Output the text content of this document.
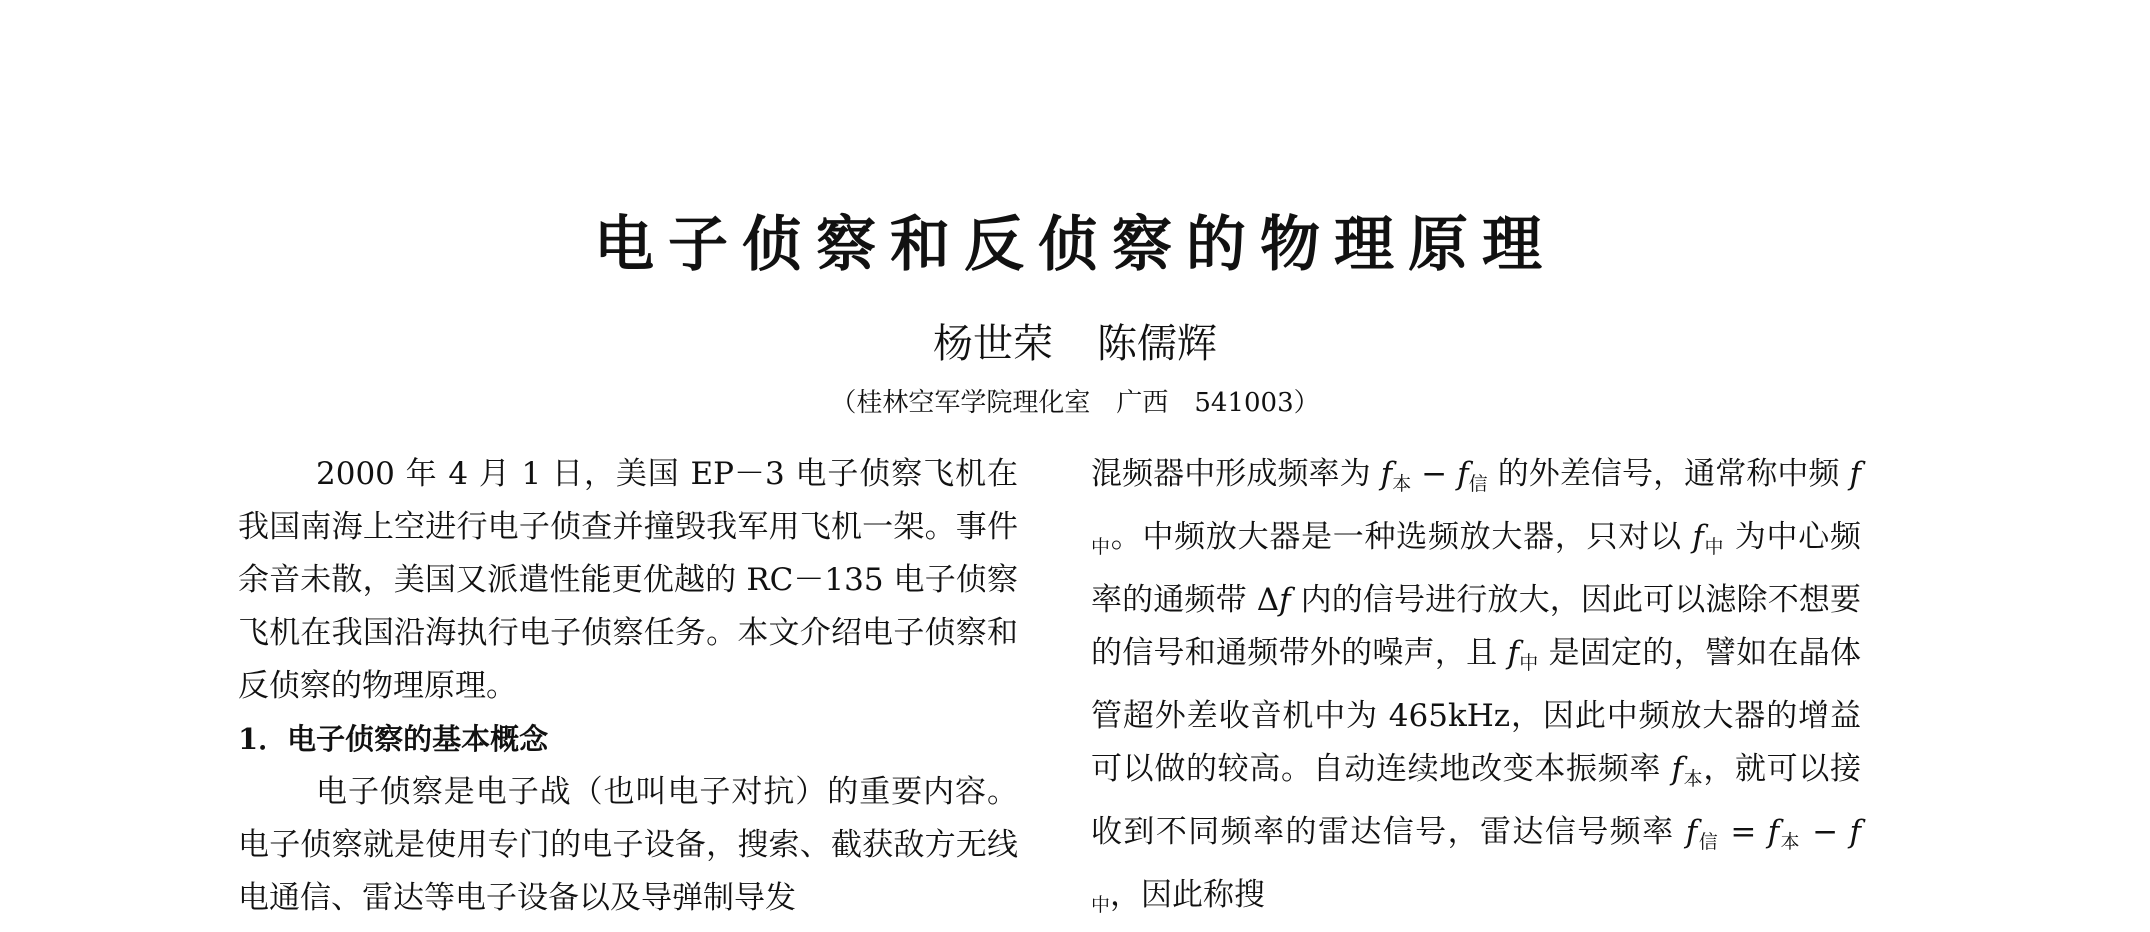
电子侦察和反侦察的物理原理
杨世荣 陈儒辉
（桂林空军学院理化室　广西　541003）

2000 年 4 月 1 日，美国 EP－3 电子侦察飞机在我国南海上空进行电子侦查并撞毁我军用飞机一架。事件余音未散，美国又派遣性能更优越的 RC－135 电子侦察飞机在我国沿海执行电子侦察任务。本文介绍电子侦察和反侦察的物理原理。

1．电子侦察的基本概念

电子侦察是电子战（也叫电子对抗）的重要内容。电子侦察就是使用专门的电子设备，搜索、截获敌方无线电通信、雷达等电子设备以及导弹制导发

混频器中形成频率为 $f_本 - f_信$ 的外差信号，通常称中频 $f_中$。中频放大器是一种选频放大器，只对以 $f_中$ 为中心频率的通频带 Δf 内的信号进行放大，因此可以滤除不想要的信号和通频带外的噪声，且 $f_中$ 是固定的，譬如在晶体管超外差收音机中为 465kHz，因此中频放大器的增益可以做的较高。自动连续地改变本振频率 $f_本$，就可以接收到不同频率的雷达信号，雷达信号频率 $f_信 = f_本 - f_中$，因此称搜
